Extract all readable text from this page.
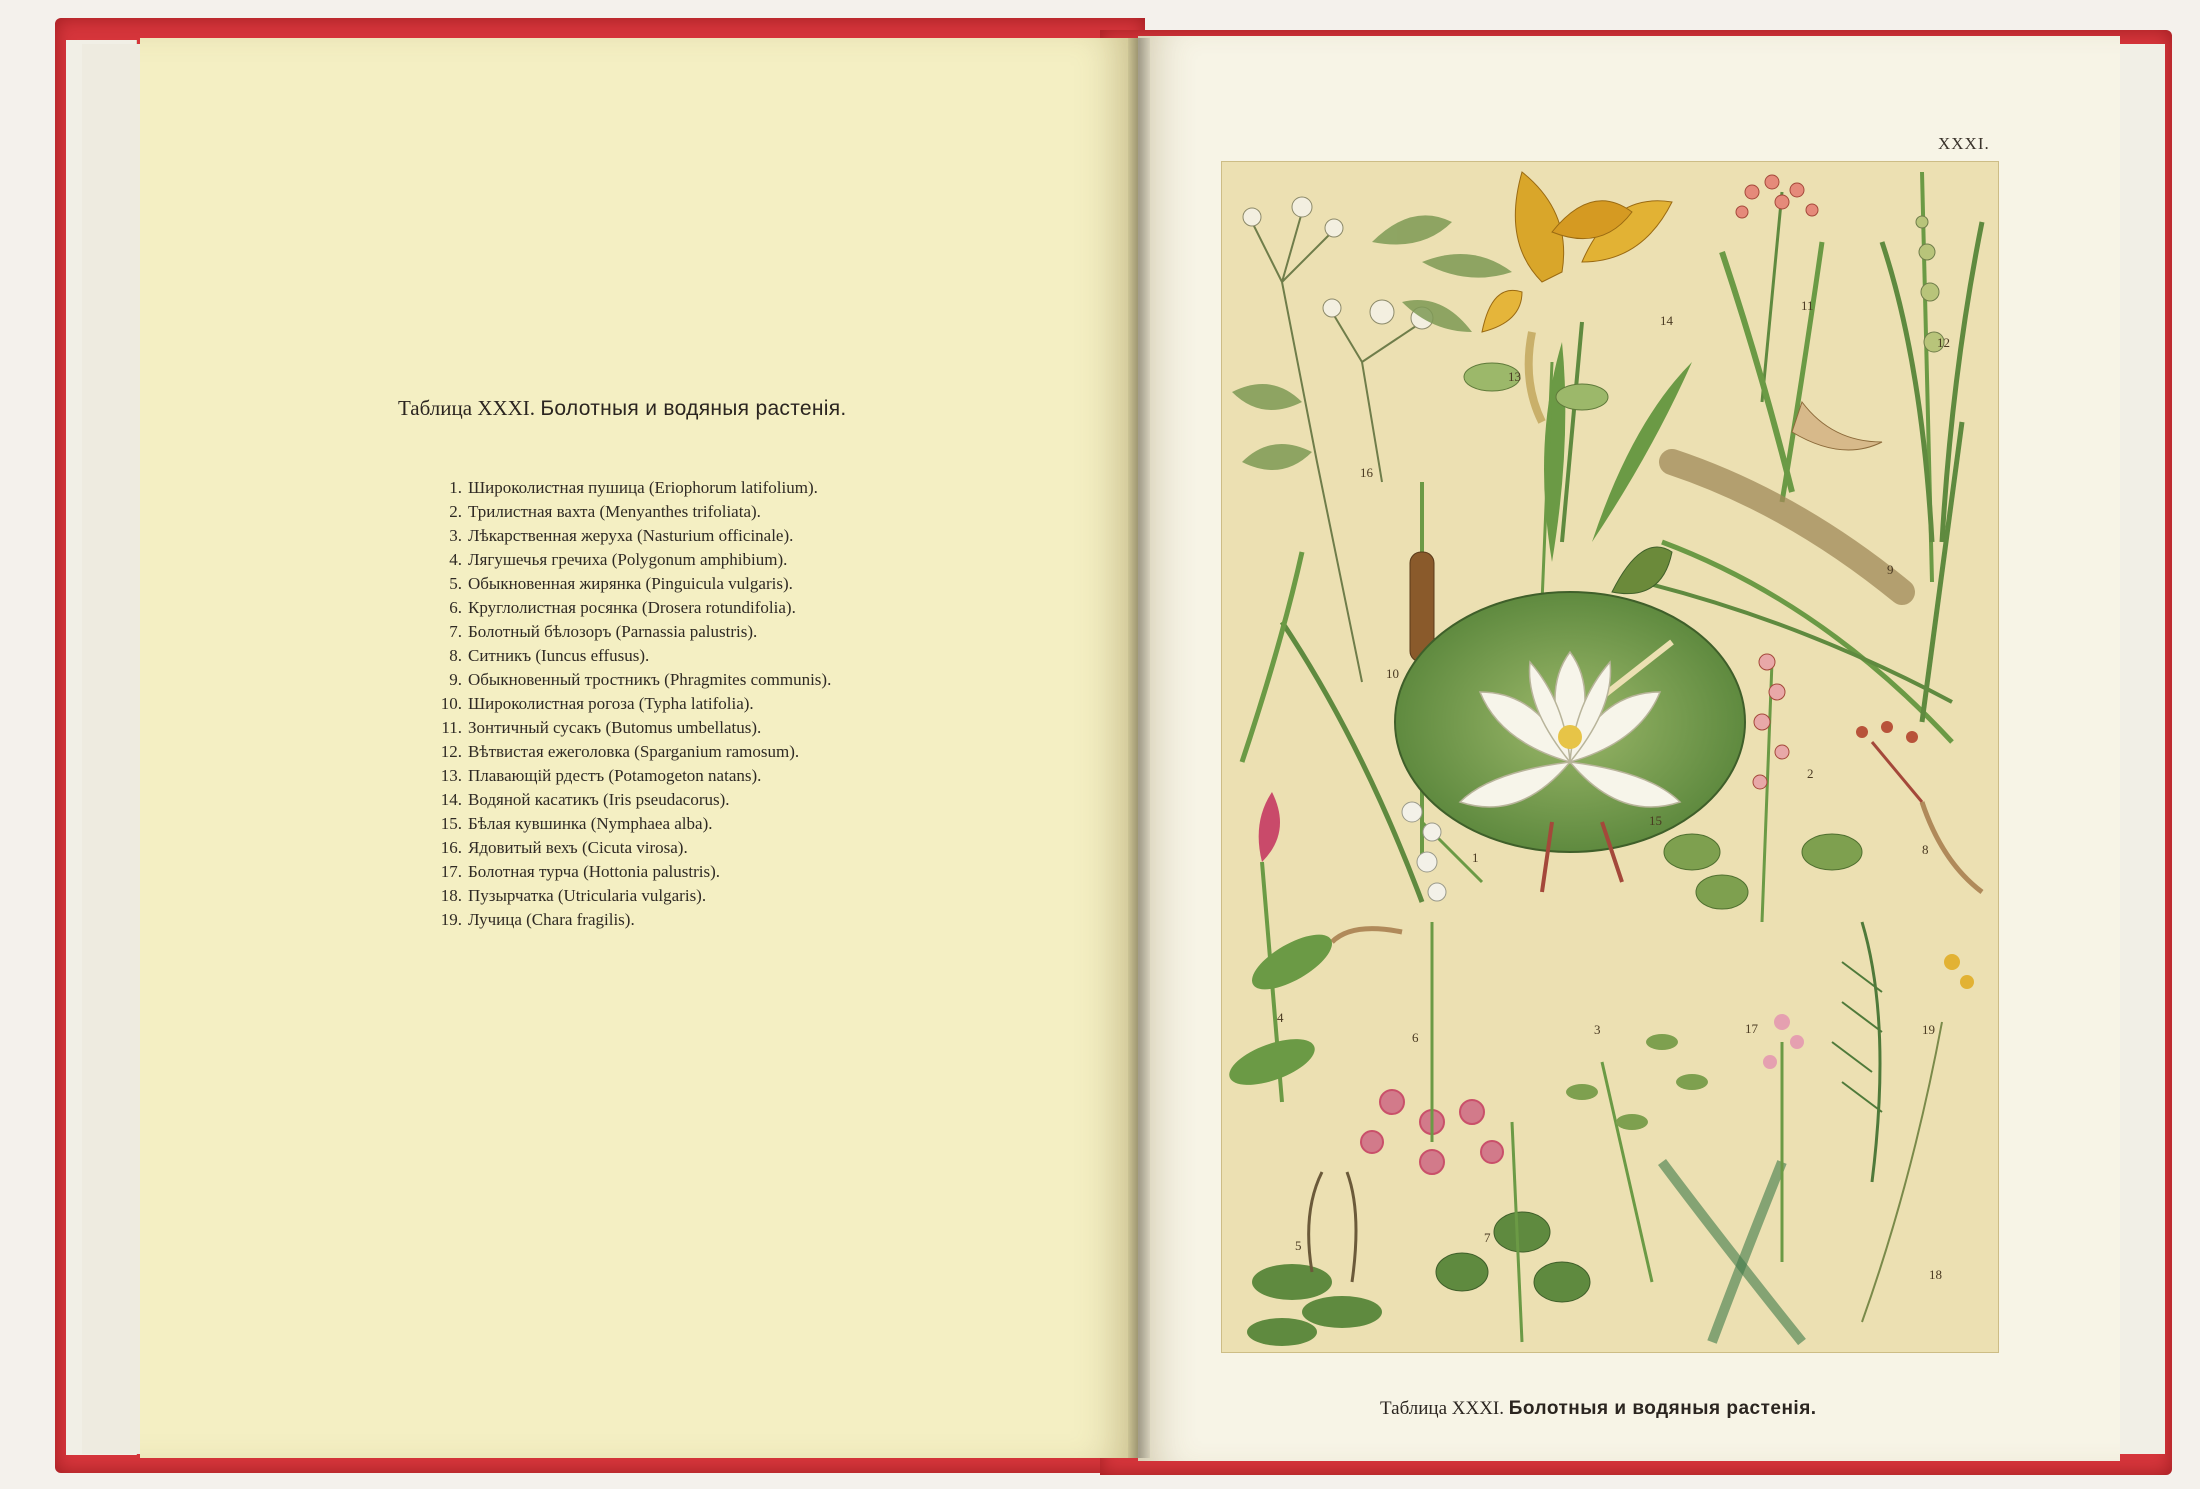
Таблица XXXI. Болотныя и водяныя растенія.
1. Широколистная пушица (Eriophorum latifolium).
2. Трилистная вахта (Menyanthes trifoliata).
3. Лѣкарственная жеруха (Nasturium officinale).
4. Лягушечья гречиха (Polygonum amphibium).
5. Обыкновенная жирянка (Pinguicula vulgaris).
6. Круглолистная росянка (Drosera rotundifolia).
7. Болотный бѣлозоръ (Parnassia palustris).
8. Ситникъ (Iuncus effusus).
9. Обыкновенный тростникъ (Phragmites communis).
10. Широколистная рогоза (Typha latifolia).
11. Зонтичный сусакъ (Butomus umbellatus).
12. Вѣтвистая ежеголовка (Sparganium ramosum).
13. Плавающій рдестъ (Potamogeton natans).
14. Водяной касатикъ (Iris pseudacorus).
15. Бѣлая кувшинка (Nymphaea alba).
16. Ядовитый вехъ (Cicuta virosa).
17. Болотная турча (Hottonia palustris).
18. Пузырчатка (Utricularia vulgaris).
19. Лучица (Chara fragilis).
XXXI.
1
2
3
4
5
6
7
8
9
10
11
12
13
14
15
16
17
18
19
Таблица XXXI. Болотныя и водяныя растенія.
